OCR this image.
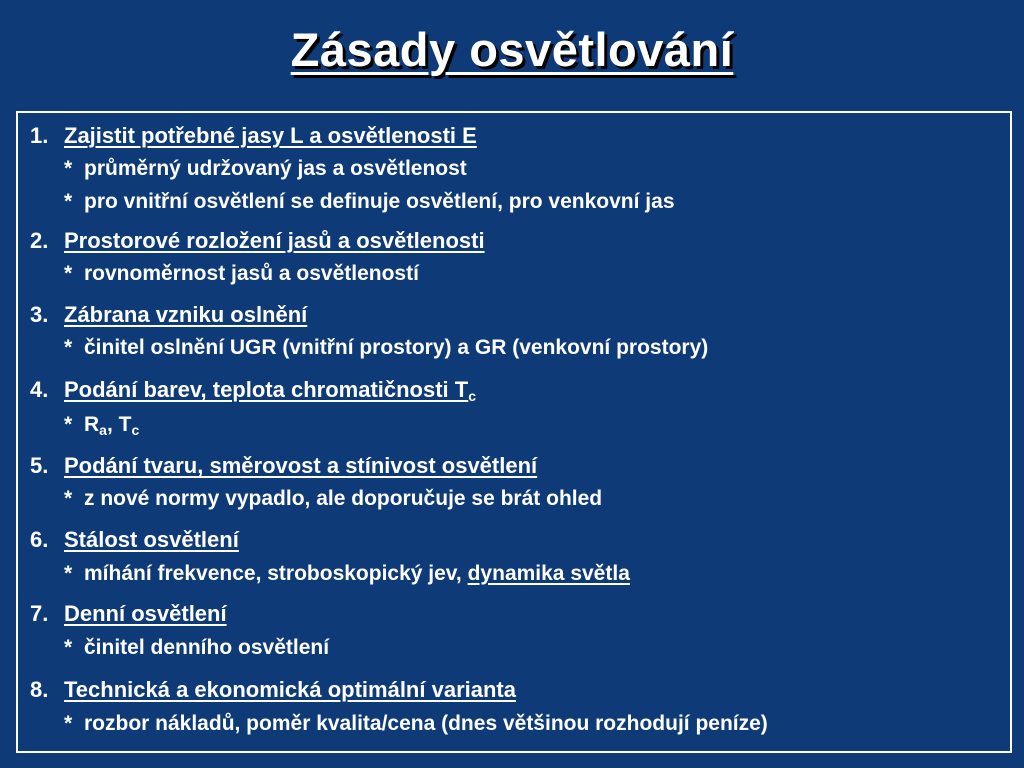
Zásady osvětlování
1. Zajistit potřebné jasy L a osvětlenosti E
* průměrný udržovaný jas a osvětlenost
* pro vnitřní osvětlení se definuje osvětlení, pro venkovní jas
2. Prostorové rozložení jasů a osvětlenosti
* rovnoměrnost jasů a osvětleností
3. Zábrana vzniku oslnění
* činitel oslnění UGR (vnitřní prostory) a GR (venkovní prostory)
4. Podání barev, teplota chromatičnosti $T_c$
* $R_a$, $T_c$
5. Podání tvaru, směrovost a stínivost osvětlení
* z nové normy vypadlo, ale doporučuje se brát ohled
6. Stálost osvětlení
* míhání frekvence, stroboskopický jev, dynamika světla
7. Denní osvětlení
* činitel denního osvětlení
8. Technická a ekonomická optimální varianta
* rozbor nákladů, poměr kvalita/cena (dnes většinou rozhodují peníze)
